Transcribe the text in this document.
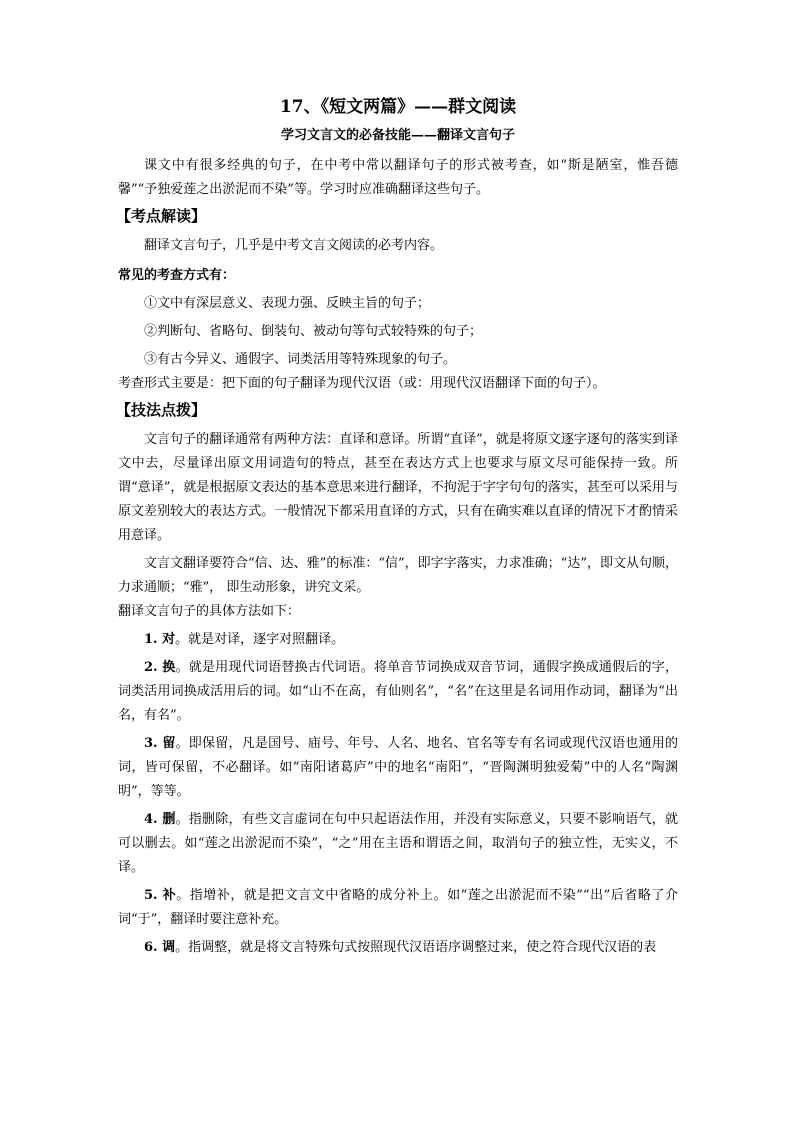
17、《短文两篇》——群文阅读
学习文言文的必备技能——翻译文言句子

课文中有很多经典的句子，在中考中常以翻译句子的形式被考查，如“斯是陋室，惟吾德馨”“予独爱莲之出淤泥而不染”等。学习时应准确翻译这些句子。

【考点解读】

翻译文言句子，几乎是中考文言文阅读的必考内容。

常见的考查方式有：

①文中有深层意义、表现力强、反映主旨的句子；

②判断句、省略句、倒装句、被动句等句式较特殊的句子；

③有古今异义、通假字、词类活用等特殊现象的句子。

考查形式主要是：把下面的句子翻译为现代汉语（或：用现代汉语翻译下面的句子）。

【技法点拨】

文言句子的翻译通常有两种方法：直译和意译。所谓“直译”，就是将原文逐字逐句的落实到译文中去，尽量译出原文用词造句的特点，甚至在表达方式上也要求与原文尽可能保持一致。所谓“意译”，就是根据原文表达的基本意思来进行翻译，不拘泥于字字句句的落实，甚至可以采用与原文差别较大的表达方式。一般情况下都采用直译的方式，只有在确实难以直译的情况下才酌情采用意译。

文言文翻译要符合“信、达、雅”的标准：“信”，即字字落实，力求准确；“达”，即文从句顺，力求通顺；“雅”， 即生动形象，讲究文采。

翻译文言句子的具体方法如下：

1. 对。就是对译，逐字对照翻译。

2. 换。就是用现代词语替换古代词语。将单音节词换成双音节词，通假字换成通假后的字，词类活用词换成活用后的词。如“山不在高，有仙则名”，“名”在这里是名词用作动词，翻译为“出名，有名”。

3. 留。即保留，凡是国号、庙号、年号、人名、地名、官名等专有名词或现代汉语也通用的词，皆可保留，不必翻译。如“南阳诸葛庐”中的地名“南阳”，“晋陶渊明独爱菊”中的人名“陶渊明”，等等。

4. 删。指删除，有些文言虚词在句中只起语法作用，并没有实际意义，只要不影响语气，就可以删去。如“莲之出淤泥而不染”，“之”用在主语和谓语之间，取消句子的独立性，无实义，不译。

5. 补。指增补，就是把文言文中省略的成分补上。如“莲之出淤泥而不染”“出”后省略了介词“于”，翻译时要注意补充。

6. 调。指调整，就是将文言特殊句式按照现代汉语语序调整过来，使之符合现代汉语的表
